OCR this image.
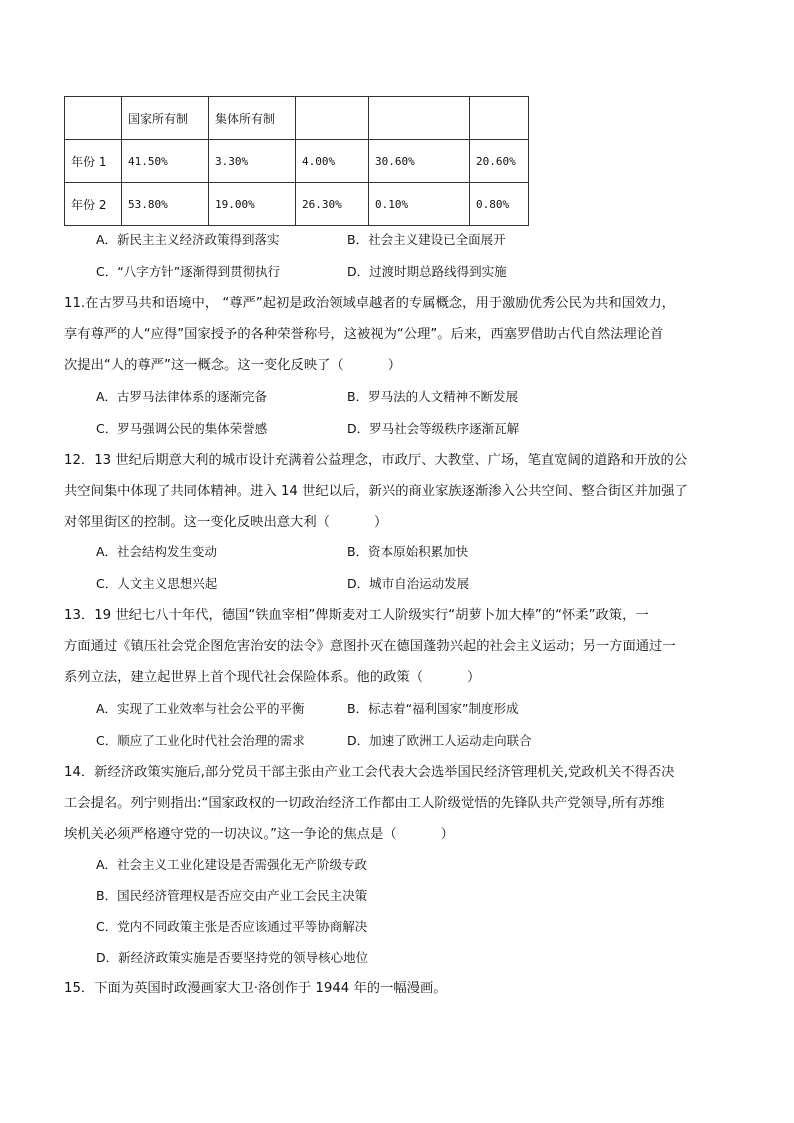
	国家所有制	集体所有制			
年份 1	41.50%	3.30%	4.00%	30.60%	20.60%
年份 2	53.80%	19.00%	26.30%	0.10%	0.80%
A．新民主主义经济政策得到落实	B．社会主义建设已全面展开
C．“八字方针”逐渐得到贯彻执行	D．过渡时期总路线得到实施
11.在古罗马共和语境中， “尊严”起初是政治领域卓越者的专属概念，用于激励优秀公民为共和国效力，
享有尊严的人“应得”国家授予的各种荣誉称号，这被视为“公理”。后来，西塞罗借助古代自然法理论首
次提出“人的尊严”这一概念。这一变化反映了（	）
A．古罗马法律体系的逐渐完备	B．罗马法的人文精神不断发展
C．罗马强调公民的集体荣誉感	D．罗马社会等级秩序逐渐瓦解
12．13 世纪后期意大利的城市设计充满着公益理念，市政厅、大教堂、广场，笔直宽阔的道路和开放的公
共空间集中体现了共同体精神。进入 14 世纪以后，新兴的商业家族逐渐渗入公共空间、整合街区并加强了
对邻里街区的控制。这一变化反映出意大利（	）
A．社会结构发生变动	B．资本原始积累加快
C．人文主义思想兴起	D．城市自治运动发展
13．19 世纪七八十年代，德国“铁血宰相”俾斯麦对工人阶级实行“胡萝卜加大棒”的“怀柔”政策，一
方面通过《镇压社会党企图危害治安的法令》意图扑灭在德国蓬勃兴起的社会主义运动；另一方面通过一
系列立法，建立起世界上首个现代社会保险体系。他的政策（	）
A．实现了工业效率与社会公平的平衡	B．标志着“福利国家”制度形成
C．顺应了工业化时代社会治理的需求	D．加速了欧洲工人运动走向联合
14．新经济政策实施后,部分党员干部主张由产业工会代表大会选举国民经济管理机关,党政机关不得否决
工会提名。列宁则指出:“国家政权的一切政治经济工作都由工人阶级觉悟的先锋队共产党领导,所有苏维
埃机关必须严格遵守党的一切决议。”这一争论的焦点是（	）
A．社会主义工业化建设是否需强化无产阶级专政
B．国民经济管理权是否应交由产业工会民主决策
C．党内不同政策主张是否应该通过平等协商解决
D．新经济政策实施是否要坚持党的领导核心地位
15．下面为英国时政漫画家大卫·洛创作于 1944 年的一幅漫画。
